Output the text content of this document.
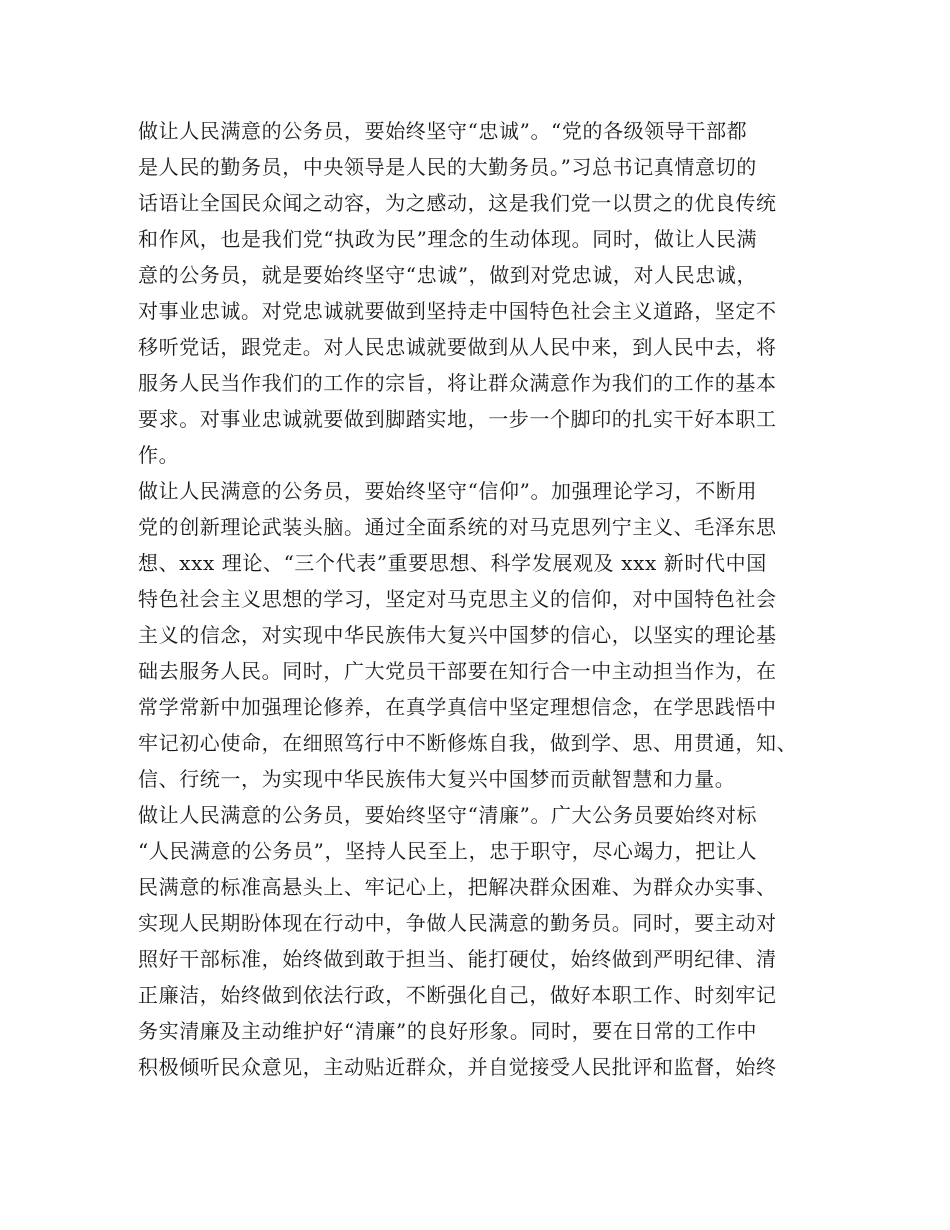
做让人民满意的公务员，要始终坚守“忠诚”。“党的各级领导干部都
是人民的勤务员，中央领导是人民的大勤务员。”习总书记真情意切的
话语让全国民众闻之动容，为之感动，这是我们党一以贯之的优良传统
和作风，也是我们党“执政为民”理念的生动体现。同时，做让人民满
意的公务员，就是要始终坚守“忠诚”，做到对党忠诚，对人民忠诚，
对事业忠诚。对党忠诚就要做到坚持走中国特色社会主义道路，坚定不
移听党话，跟党走。对人民忠诚就要做到从人民中来，到人民中去，将
服务人民当作我们的工作的宗旨，将让群众满意作为我们的工作的基本
要求。对事业忠诚就要做到脚踏实地，一步一个脚印的扎实干好本职工
作。
做让人民满意的公务员，要始终坚守“信仰”。加强理论学习，不断用
党的创新理论武装头脑。通过全面系统的对马克思列宁主义、毛泽东思
想、xxx 理论、“三个代表”重要思想、科学发展观及 xxx 新时代中国
特色社会主义思想的学习，坚定对马克思主义的信仰，对中国特色社会
主义的信念，对实现中华民族伟大复兴中国梦的信心，以坚实的理论基
础去服务人民。同时，广大党员干部要在知行合一中主动担当作为，在
常学常新中加强理论修养，在真学真信中坚定理想信念，在学思践悟中
牢记初心使命，在细照笃行中不断修炼自我，做到学、思、用贯通，知、
信、行统一，为实现中华民族伟大复兴中国梦而贡献智慧和力量。
做让人民满意的公务员，要始终坚守“清廉”。广大公务员要始终对标
“人民满意的公务员”，坚持人民至上，忠于职守，尽心竭力，把让人
民满意的标准高悬头上、牢记心上，把解决群众困难、为群众办实事、
实现人民期盼体现在行动中，争做人民满意的勤务员。同时，要主动对
照好干部标准，始终做到敢于担当、能打硬仗，始终做到严明纪律、清
正廉洁，始终做到依法行政，不断强化自己，做好本职工作、时刻牢记
务实清廉及主动维护好“清廉”的良好形象。同时，要在日常的工作中
积极倾听民众意见，主动贴近群众，并自觉接受人民批评和监督，始终
